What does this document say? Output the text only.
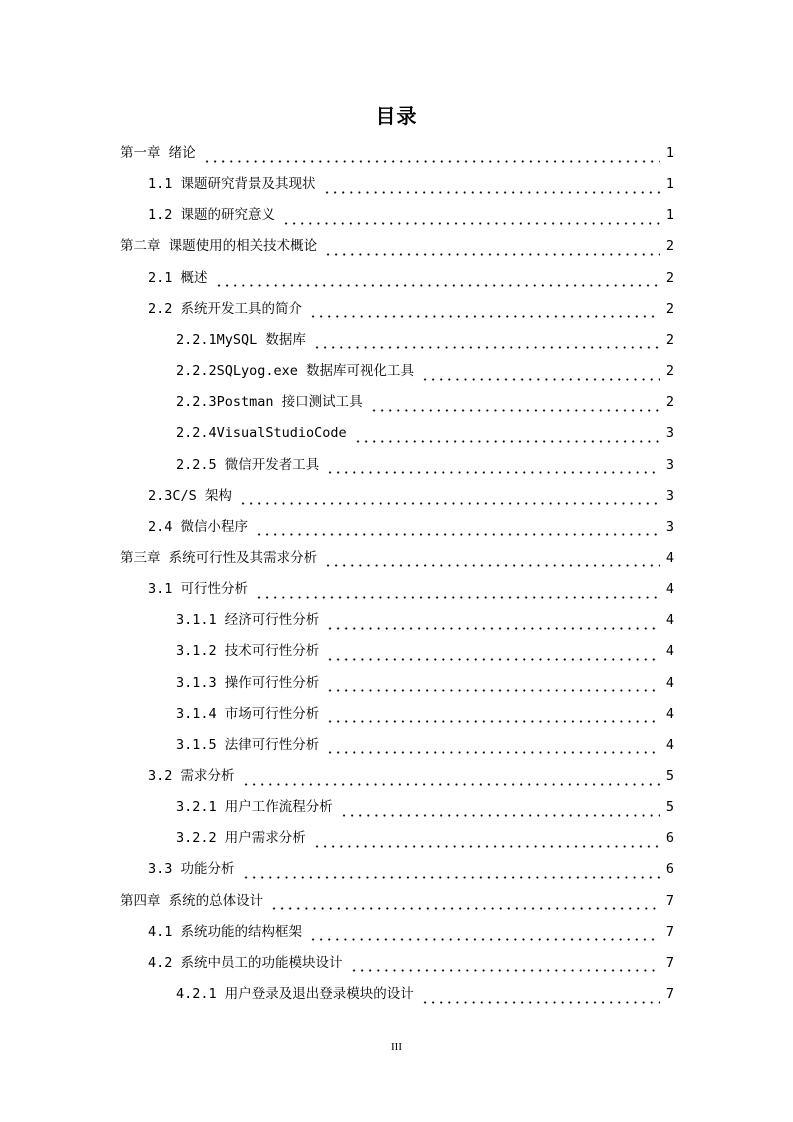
目录
第一章 绪论	1
1.1 课题研究背景及其现状	1
1.2 课题的研究意义	1
第二章 课题使用的相关技术概论	2
2.1 概述	2
2.2 系统开发工具的简介	2
2.2.1MySQL 数据库	2
2.2.2SQLyog.exe 数据库可视化工具	2
2.2.3Postman 接口测试工具	2
2.2.4VisualStudioCode	3
2.2.5 微信开发者工具	3
2.3C/S 架构	3
2.4 微信小程序	3
第三章 系统可行性及其需求分析	4
3.1 可行性分析	4
3.1.1 经济可行性分析	4
3.1.2 技术可行性分析	4
3.1.3 操作可行性分析	4
3.1.4 市场可行性分析	4
3.1.5 法律可行性分析	4
3.2 需求分析	5
3.2.1 用户工作流程分析	5
3.2.2 用户需求分析	6
3.3 功能分析	6
第四章 系统的总体设计	7
4.1 系统功能的结构框架	7
4.2 系统中员工的功能模块设计	7
4.2.1 用户登录及退出登录模块的设计	7
III
